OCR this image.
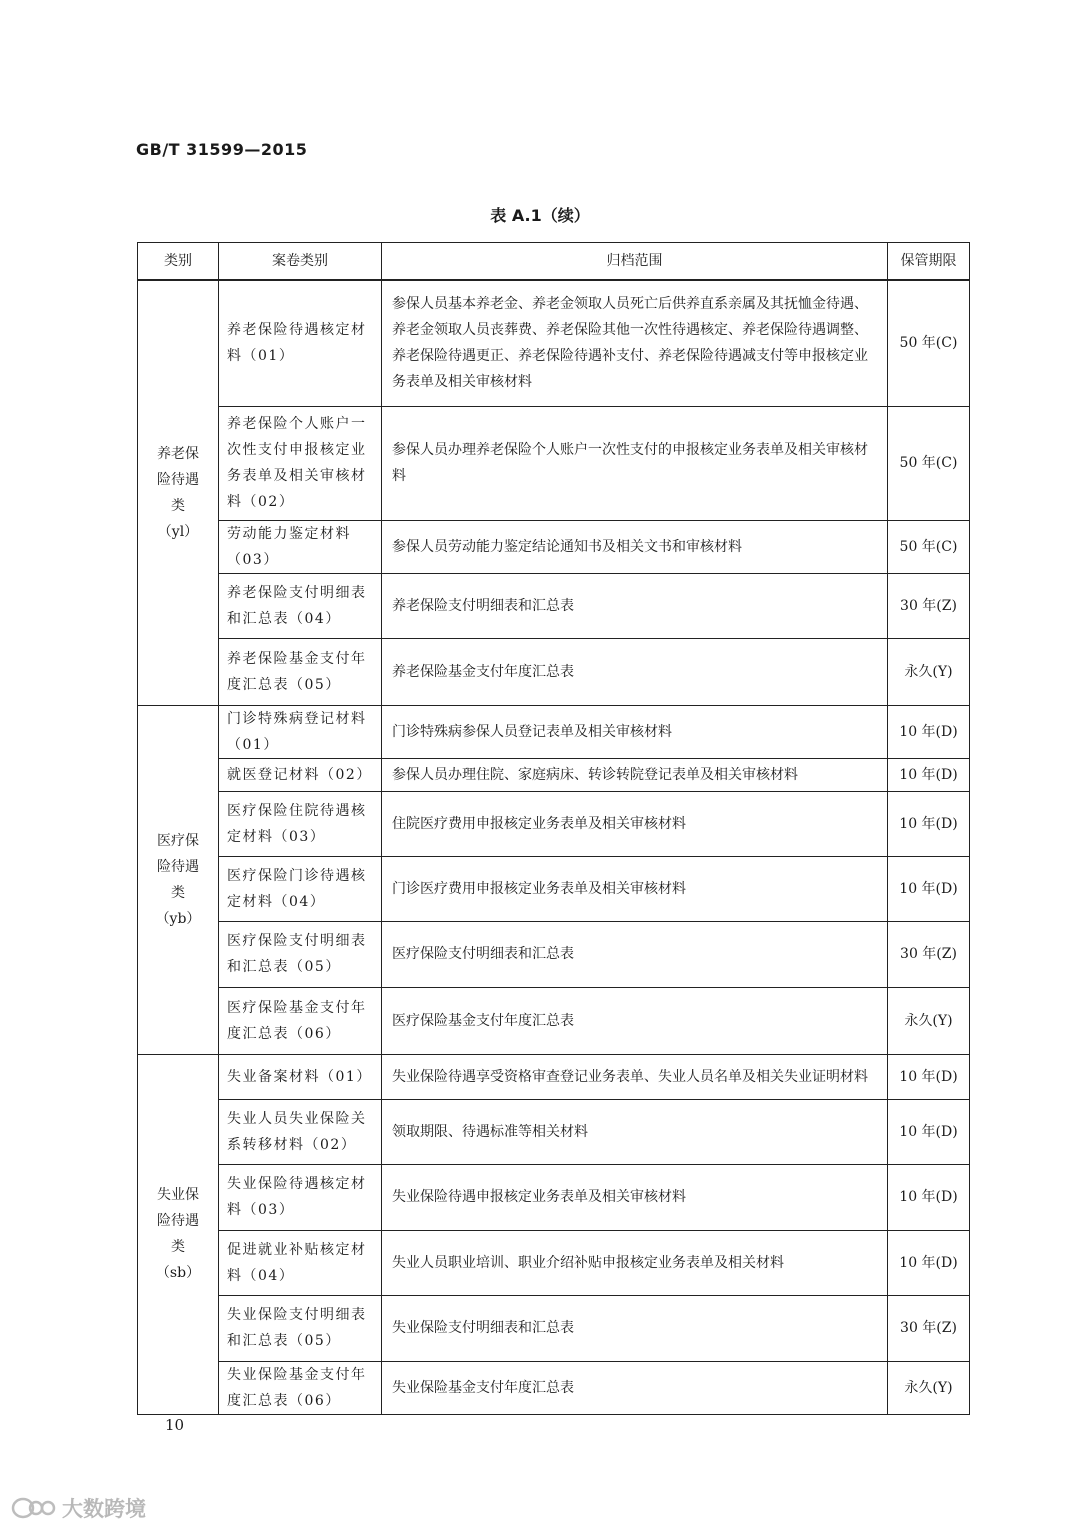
GB/T 31599—2015
表 A.1（续）
类别	案卷类别	归档范围	保管期限

养老保
险待遇
类
（yl）	养老保险待遇核定材料（01）	参保人员基本养老金、养老金领取人员死亡后供养直系亲属及其抚恤金待遇、养老金领取人员丧葬费、养老保险其他一次性待遇核定、养老保险待遇调整、养老保险待遇更正、养老保险待遇补支付、养老保险待遇减支付等申报核定业务表单及相关审核材料	50 年(C)
	养老保险个人账户一次性支付申报核定业务表单及相关审核材料（02）	参保人员办理养老保险个人账户一次性支付的申报核定业务表单及相关审核材料	50 年(C)
	劳动能力鉴定材料（03）	参保人员劳动能力鉴定结论通知书及相关文书和审核材料	50 年(C)
	养老保险支付明细表和汇总表（04）	养老保险支付明细表和汇总表	30 年(Z)
	养老保险基金支付年度汇总表（05）	养老保险基金支付年度汇总表	永久(Y)

医疗保
险待遇
类
（yb）	门诊特殊病登记材料（01）	门诊特殊病参保人员登记表单及相关审核材料	10 年(D)
	就医登记材料（02）	参保人员办理住院、家庭病床、转诊转院登记表单及相关审核材料	10 年(D)
	医疗保险住院待遇核定材料（03）	住院医疗费用申报核定业务表单及相关审核材料	10 年(D)
	医疗保险门诊待遇核定材料（04）	门诊医疗费用申报核定业务表单及相关审核材料	10 年(D)
	医疗保险支付明细表和汇总表（05）	医疗保险支付明细表和汇总表	30 年(Z)
	医疗保险基金支付年度汇总表（06）	医疗保险基金支付年度汇总表	永久(Y)

失业保
险待遇
类
（sb）	失业备案材料（01）	失业保险待遇享受资格审查登记业务表单、失业人员名单及相关失业证明材料	10 年(D)
	失业人员失业保险关系转移材料（02）	领取期限、待遇标准等相关材料	10 年(D)
	失业保险待遇核定材料（03）	失业保险待遇申报核定业务表单及相关审核材料	10 年(D)
	促进就业补贴核定材料（04）	失业人员职业培训、职业介绍补贴申报核定业务表单及相关材料	10 年(D)
	失业保险支付明细表和汇总表（05）	失业保险支付明细表和汇总表	30 年(Z)
	失业保险基金支付年度汇总表（06）	失业保险基金支付年度汇总表	永久(Y)
10
大数跨境
